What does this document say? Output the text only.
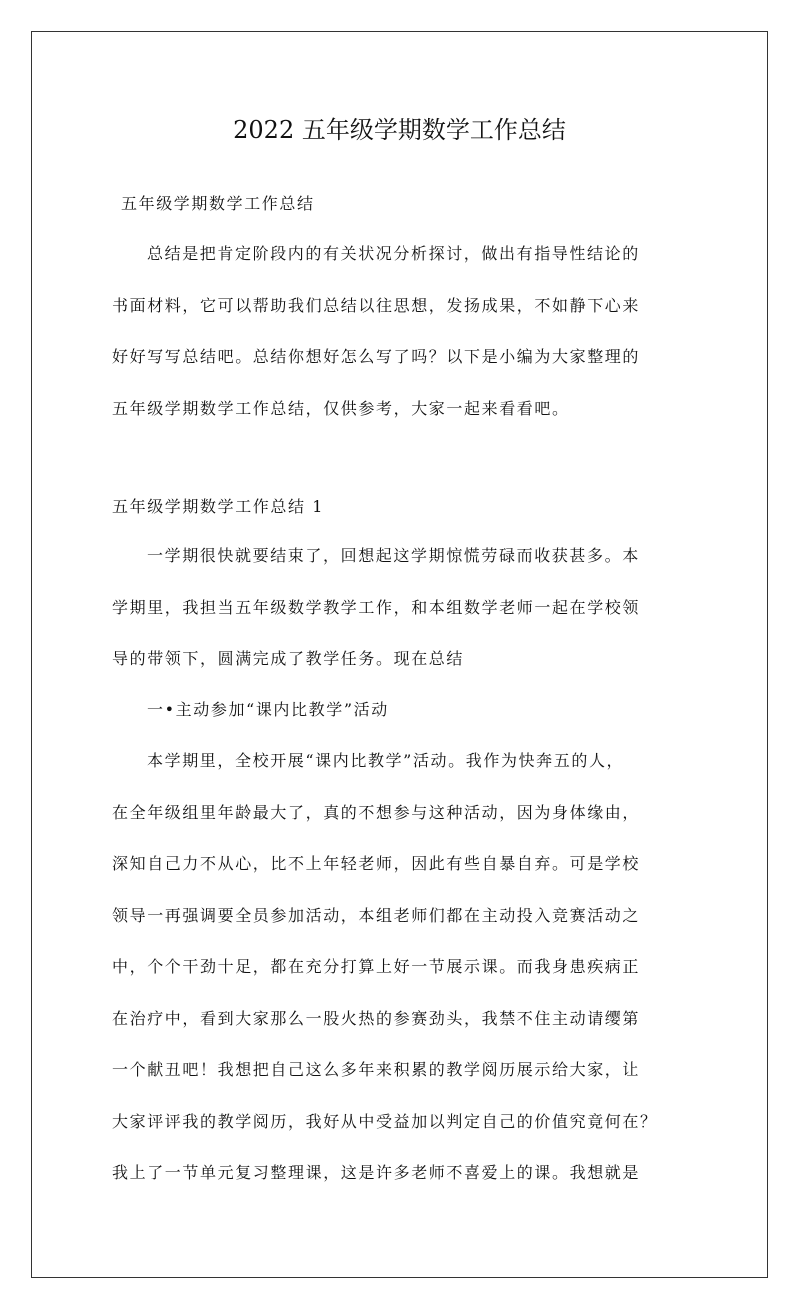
2022 五年级学期数学工作总结

五年级学期数学工作总结

总结是把肯定阶段内的有关状况分析探讨，做出有指导性结论的
书面材料，它可以帮助我们总结以往思想，发扬成果，不如静下心来
好好写写总结吧。总结你想好怎么写了吗？以下是小编为大家整理的
五年级学期数学工作总结，仅供参考，大家一起来看看吧。

五年级学期数学工作总结 1

一学期很快就要结束了，回想起这学期惊慌劳碌而收获甚多。本
学期里，我担当五年级数学教学工作，和本组数学老师一起在学校领
导的带领下，圆满完成了教学任务。现在总结

一•主动参加“课内比教学”活动

本学期里，全校开展“课内比教学”活动。我作为快奔五的人，
在全年级组里年龄最大了，真的不想参与这种活动，因为身体缘由，
深知自己力不从心，比不上年轻老师，因此有些自暴自弃。可是学校
领导一再强调要全员参加活动，本组老师们都在主动投入竞赛活动之
中，个个干劲十足，都在充分打算上好一节展示课。而我身患疾病正
在治疗中，看到大家那么一股火热的参赛劲头，我禁不住主动请缨第
一个献丑吧！我想把自己这么多年来积累的教学阅历展示给大家，让
大家评评我的教学阅历，我好从中受益加以判定自己的价值究竟何在？
我上了一节单元复习整理课，这是许多老师不喜爱上的课。我想就是
